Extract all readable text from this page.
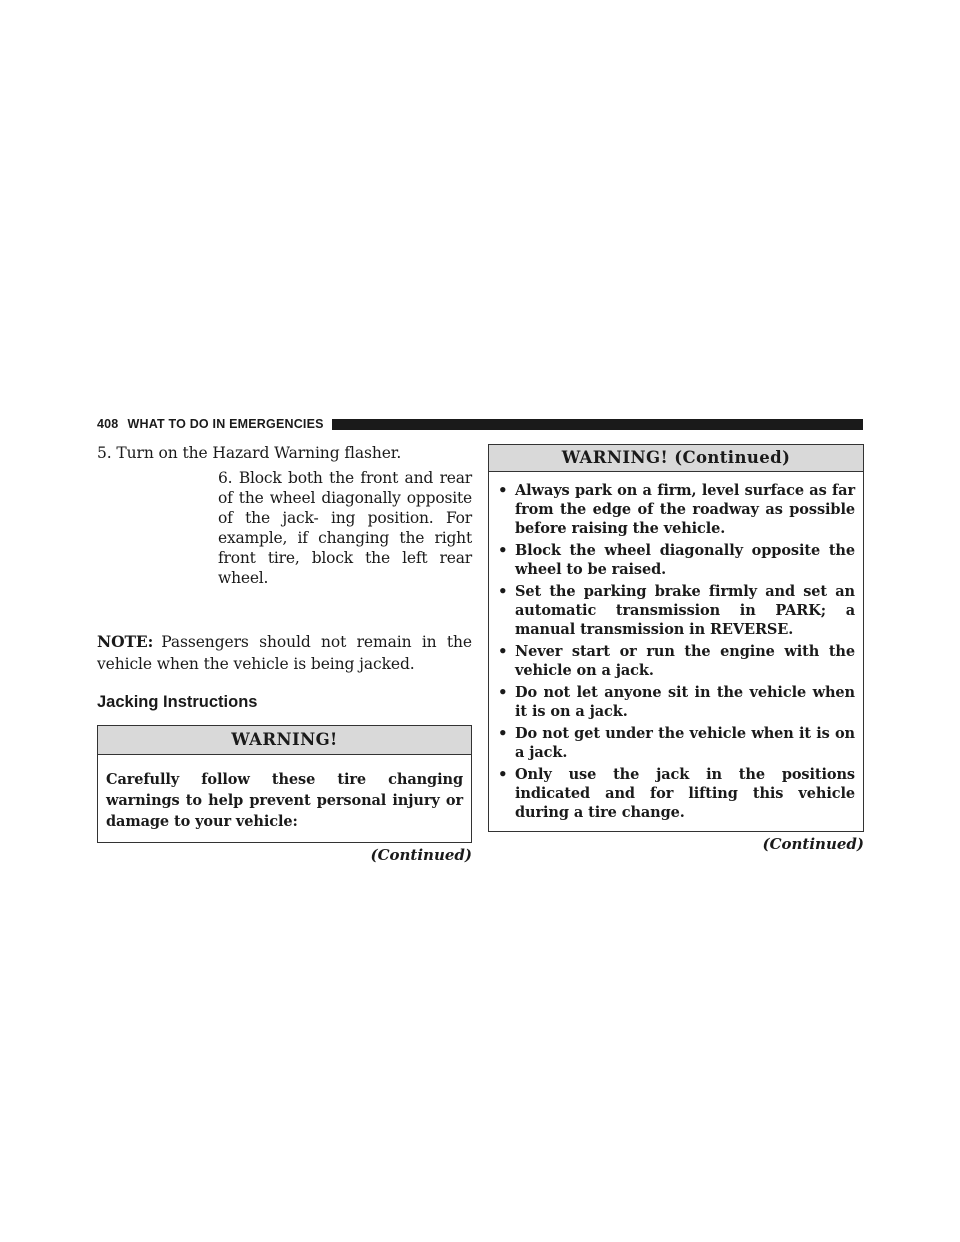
408 WHAT TO DO IN EMERGENCIES

5. Turn on the Hazard Warning flasher.

6. Block both the front and rear of the wheel diagonally opposite of the jack- ing position. For example, if changing the right front tire, block the left rear wheel.

NOTE: Passengers should not remain in the vehicle when the vehicle is being jacked.
Jacking Instructions
WARNING!
Carefully follow these tire changing warnings to help prevent personal injury or damage to your vehicle:
(Continued)
WARNING! (Continued)
• Always park on a firm, level surface as far from the edge of the roadway as possible before raising the vehicle.
• Block the wheel diagonally opposite the wheel to be raised.
• Set the parking brake firmly and set an automatic transmission in PARK; a manual transmission in REVERSE.
• Never start or run the engine with the vehicle on a jack.
• Do not let anyone sit in the vehicle when it is on a jack.
• Do not get under the vehicle when it is on a jack.
• Only use the jack in the positions indicated and for lifting this vehicle during a tire change.
(Continued)
